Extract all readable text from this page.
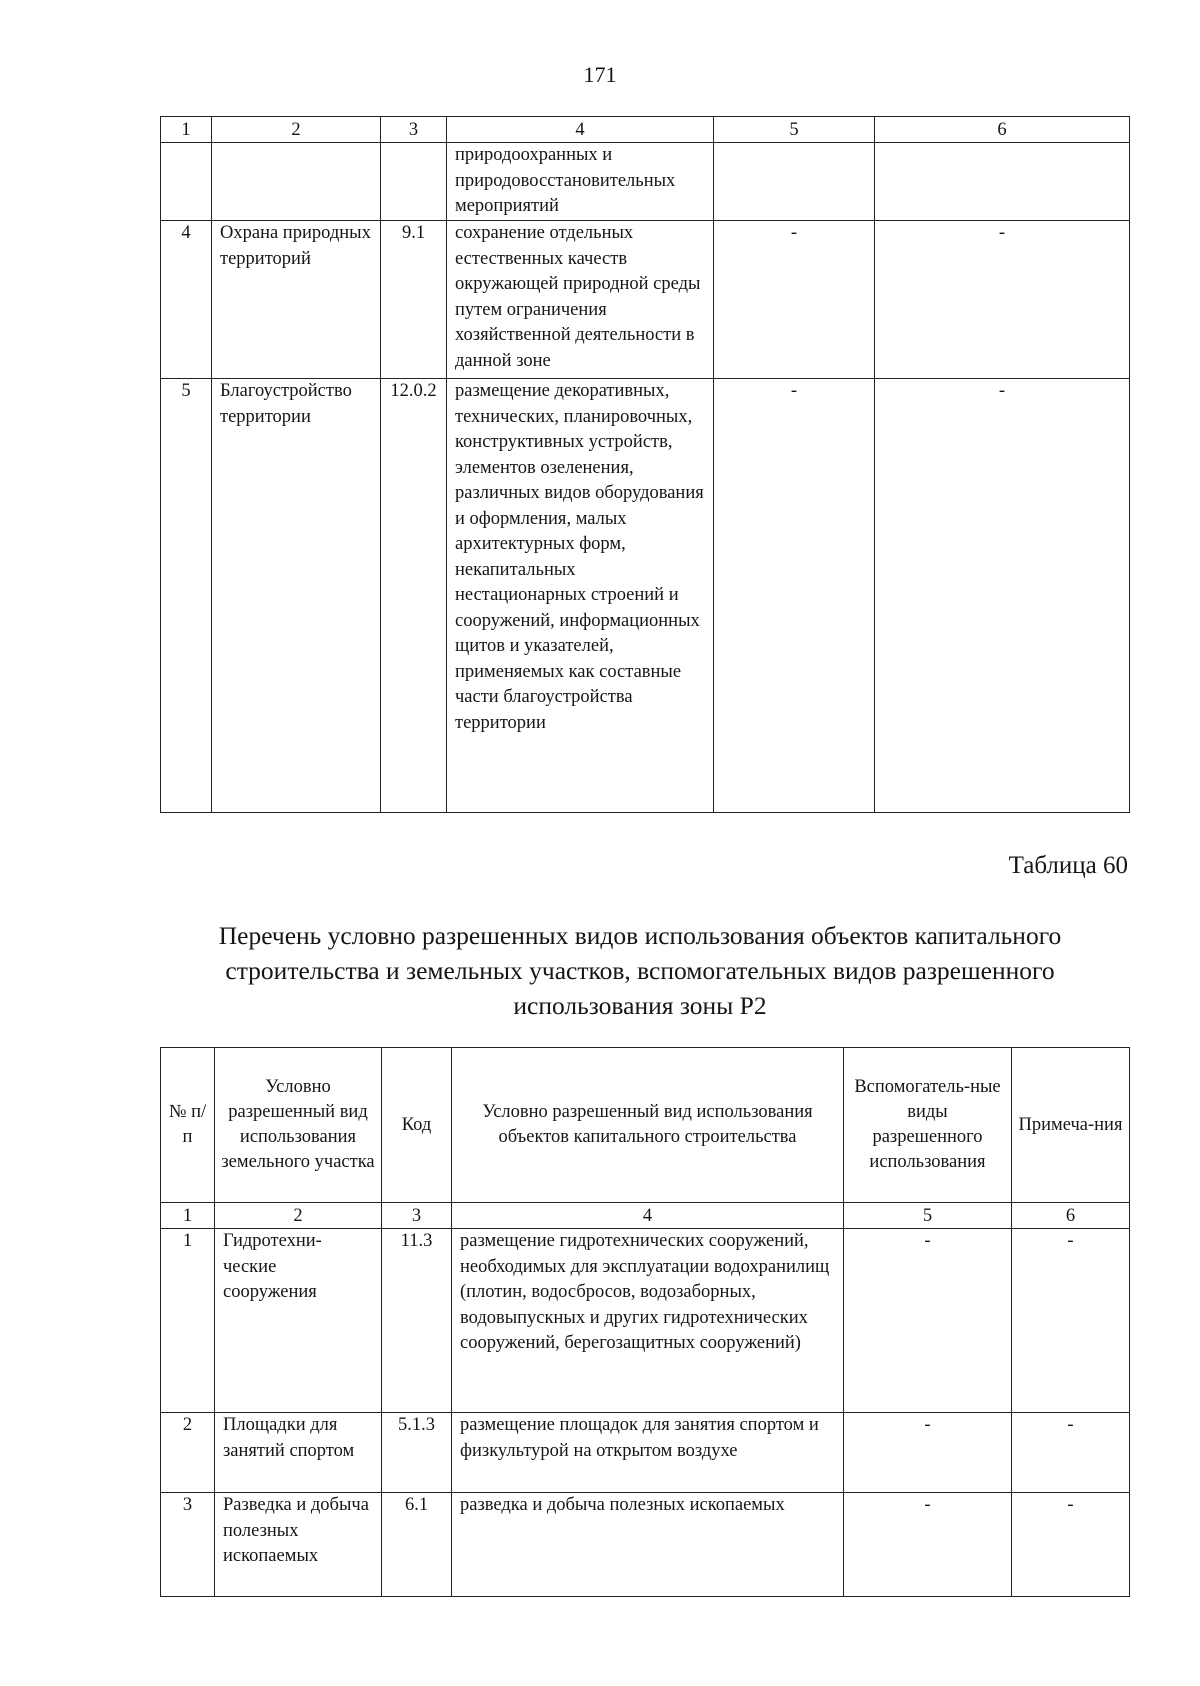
171
1	2	3	4	5	6
			природоохранных и природовосстановительных мероприятий		
4	Охрана природных территорий	9.1	сохранение отдельных естественных качеств окружающей природной среды путем ограничения хозяйственной деятельности в данной зоне	-	-
5	Благоустройство территории	12.0.2	размещение декоративных, технических, планировочных, конструктивных устройств, элементов озеленения, различных видов оборудования и оформления, малых архитектурных форм, некапитальных нестационарных строений и сооружений, информационных щитов и указателей, применяемых как составные части благоустройства территории	-	-
Таблица 60
Перечень условно разрешенных видов использования объектов капитального строительства и земельных участков, вспомогательных видов разрешенного использования зоны Р2
№ п/п	Условно разрешенный вид использования земельного участка	Код	Условно разрешенный вид использования объектов капитального строительства	Вспомогатель-ные виды разрешенного использования	Примеча-ния
1	2	3	4	5	6
1	Гидротехни-ческие сооружения	11.3	размещение гидротехнических сооружений, необходимых для эксплуатации водохранилищ (плотин, водосбросов, водозаборных, водовыпускных и других гидротехнических сооружений, берегозащитных сооружений)	-	-
2	Площадки для занятий спортом	5.1.3	размещение площадок для занятия спортом и физкультурой на открытом воздухе	-	-
3	Разведка и добыча полезных ископаемых	6.1	разведка и добыча полезных ископаемых	-	-
